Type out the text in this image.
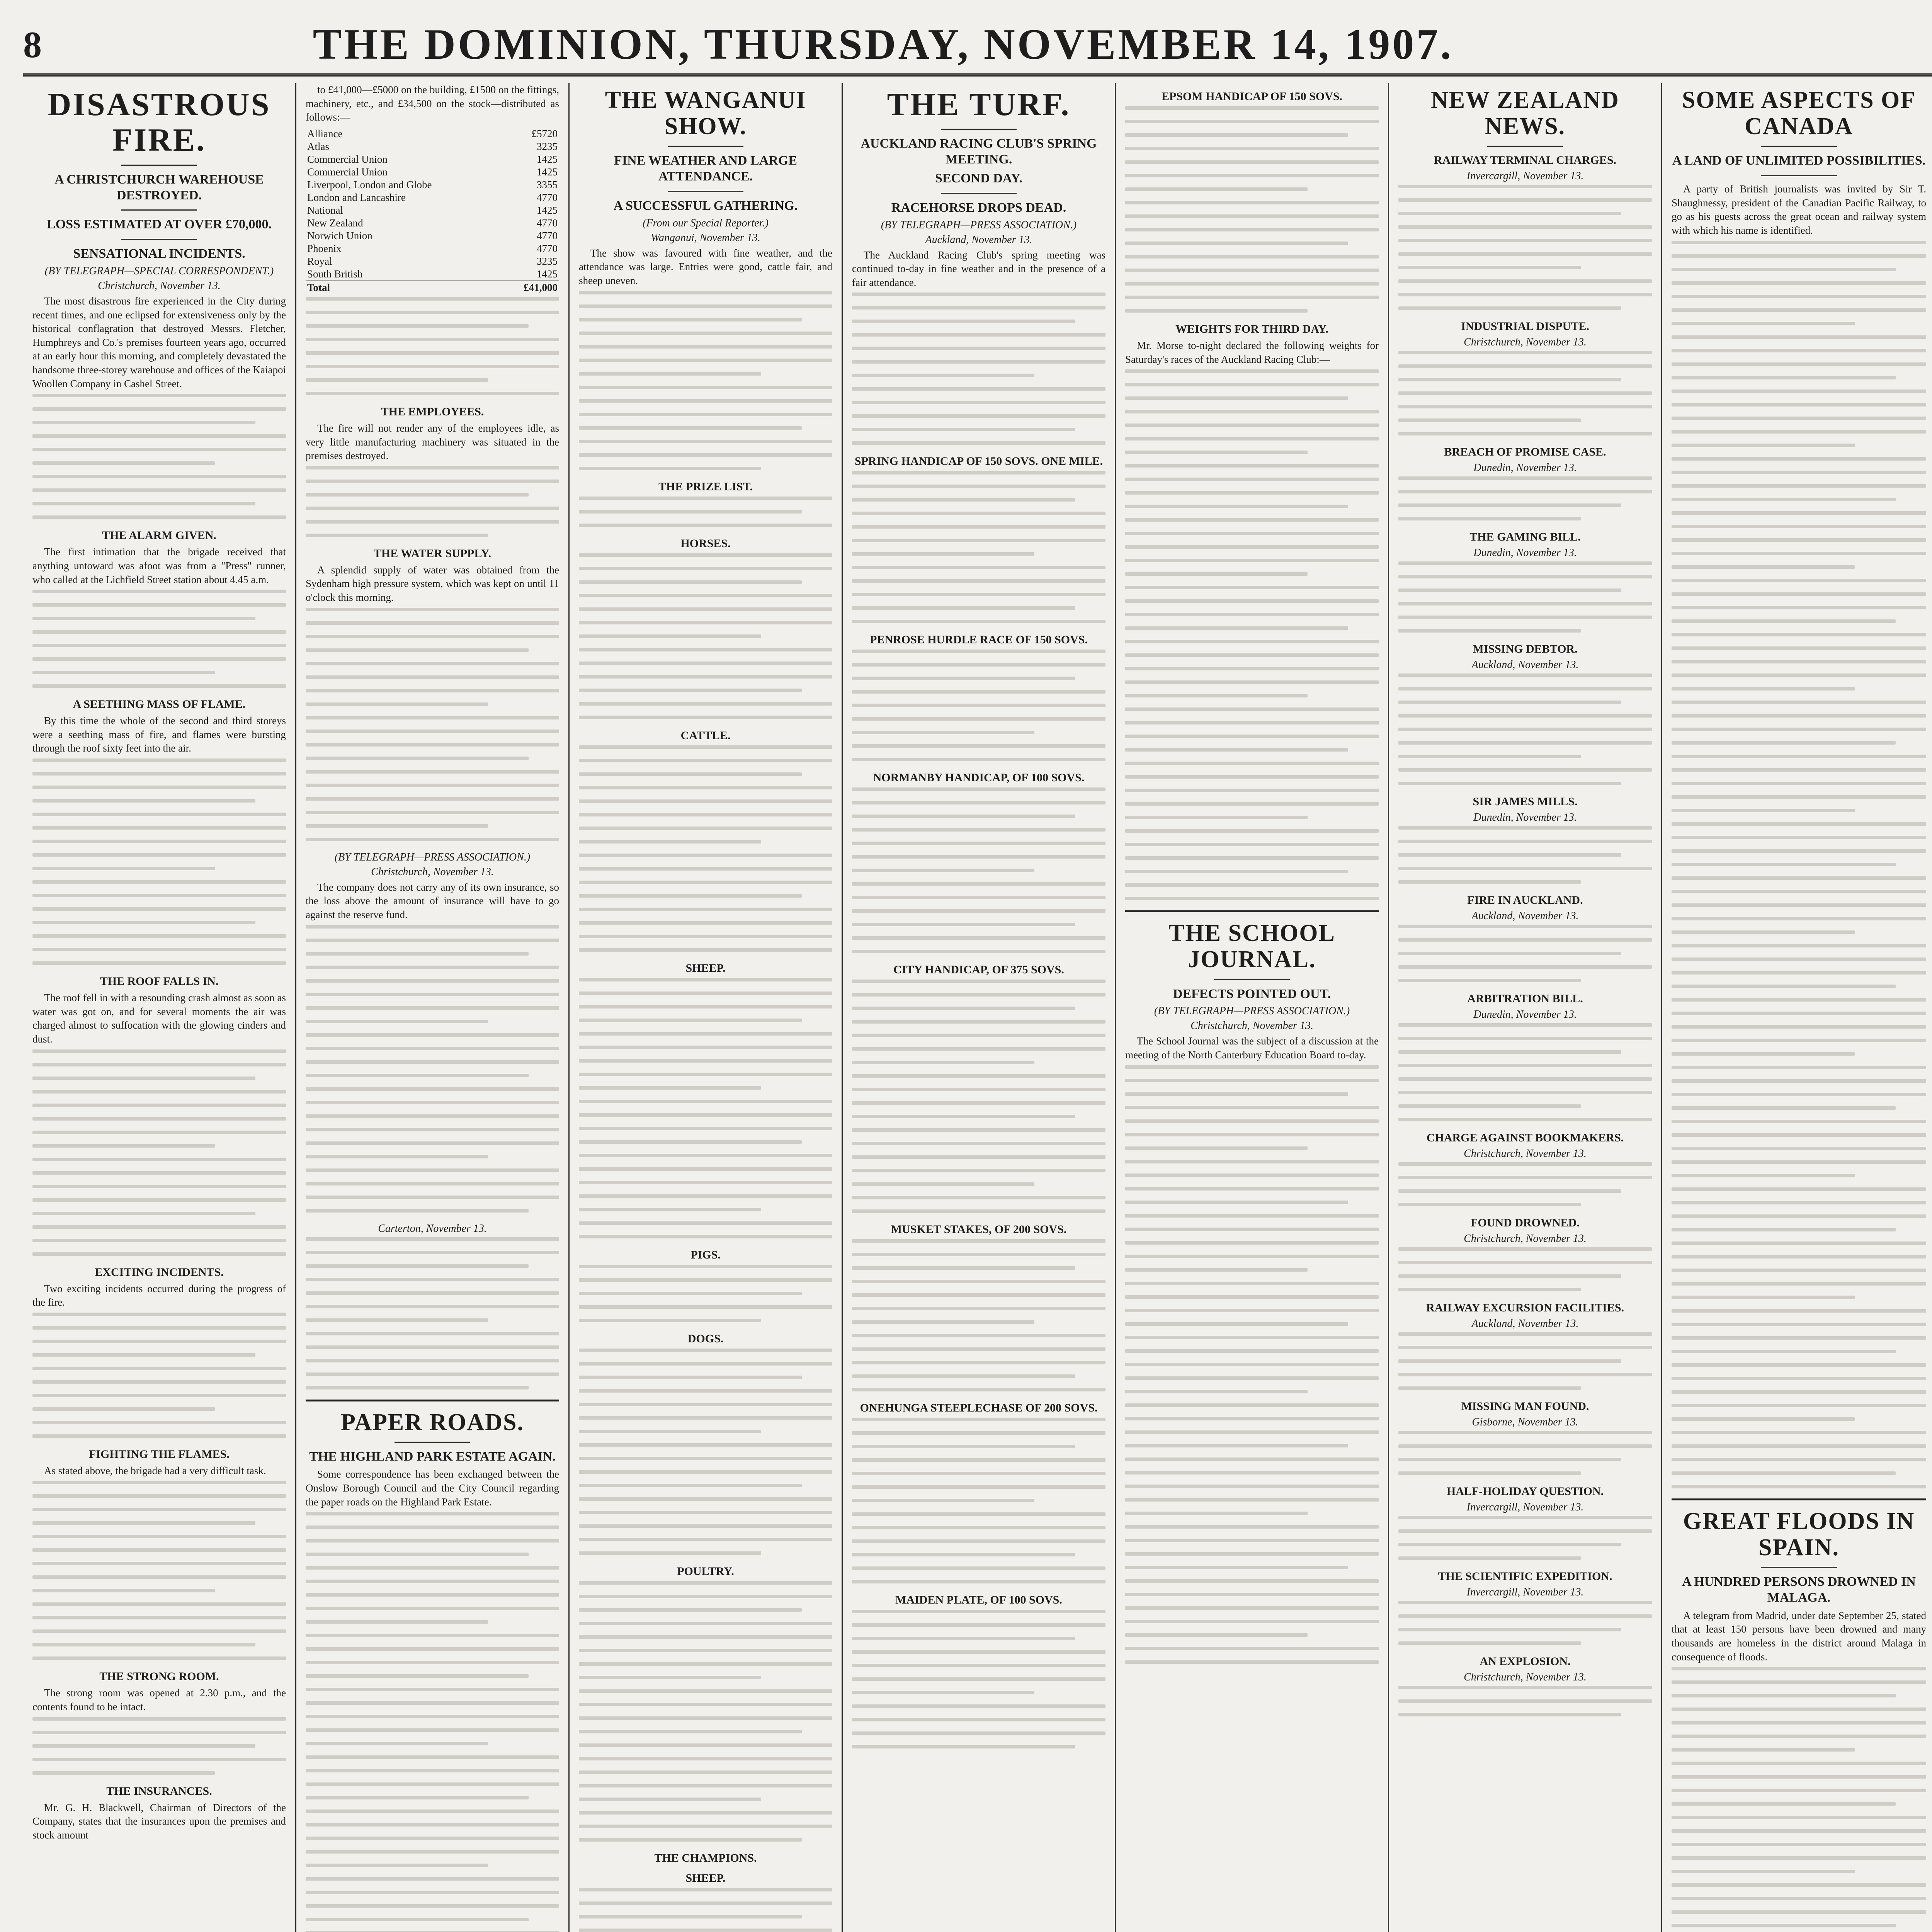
8	THE DOMINION, THURSDAY, NOVEMBER 14, 1907.
DISASTROUS FIRE.
A CHRISTCHURCH WAREHOUSE DESTROYED.
LOSS ESTIMATED AT OVER £70,000.
SENSATIONAL INCIDENTS.
(BY TELEGRAPH—SPECIAL CORRESPONDENT.)
Christchurch, November 13.

The most disastrous fire experienced in the City during recent times, and one eclipsed for extensiveness only by the historical conflagration that destroyed Messrs. Fletcher, Humphreys and Co.'s premises fourteen years ago, occurred at an early hour this morning, and completely devastated the handsome three-storey warehouse and offices of the Kaiapoi Woollen Company in Cashel Street.

THE ALARM GIVEN.

The first intimation that the brigade received that anything untoward was afoot was from a "Press" runner, who called at the Lichfield Street station about 4.45 a.m.

A SEETHING MASS OF FLAME.

By this time the whole of the second and third storeys were a seething mass of fire, and flames were bursting through the roof sixty feet into the air.

THE ROOF FALLS IN.

The roof fell in with a resounding crash almost as soon as water was got on, and for several moments the air was charged almost to suffocation with the glowing cinders and dust.

EXCITING INCIDENTS.

Two exciting incidents occurred during the progress of the fire.

FIGHTING THE FLAMES.

As stated above, the brigade had a very difficult task.

THE STRONG ROOM.

The strong room was opened at 2.30 p.m., and the contents found to be intact.

THE INSURANCES.

Mr. G. H. Blackwell, Chairman of Directors of the Company, states that the insurances upon the premises and stock amount

to £41,000—£5000 on the building, £1500 on the fittings, machinery, etc., and £34,500 on the stock—distributed as follows:—

Alliance	£5720
Atlas	3235
Commercial Union	1425
Commercial Union	1425
Liverpool, London and Globe	3355
London and Lancashire	4770
National	1425
New Zealand	4770
Norwich Union	4770
Phoenix	4770
Royal	3235
South British	1425
Total	£41,000
THE EMPLOYEES.

The fire will not render any of the employees idle, as very little manufacturing machinery was situated in the premises destroyed.

THE WATER SUPPLY.

A splendid supply of water was obtained from the Sydenham high pressure system, which was kept on until 11 o'clock this morning.

(BY TELEGRAPH—PRESS ASSOCIATION.)
Christchurch, November 13.

The company does not carry any of its own insurance, so the loss above the amount of insurance will have to go against the reserve fund.

Carterton, November 13.
PAPER ROADS.
THE HIGHLAND PARK ESTATE AGAIN.

Some correspondence has been exchanged between the Onslow Borough Council and the City Council regarding the paper roads on the Highland Park Estate.

THE WANGANUI SHOW.
FINE WEATHER AND LARGE ATTENDANCE.
A SUCCESSFUL GATHERING.
(From our Special Reporter.)
Wanganui, November 13.

The show was favoured with fine weather, and the attendance was large. Entries were good, cattle fair, and sheep uneven.

THE PRIZE LIST.
HORSES.
CATTLE.
SHEEP.
PIGS.
DOGS.
POULTRY.
THE CHAMPIONS.
SHEEP.
THE TURF.
AUCKLAND RACING CLUB'S SPRING MEETING.
SECOND DAY.
RACEHORSE DROPS DEAD.
(BY TELEGRAPH—PRESS ASSOCIATION.)
Auckland, November 13.

The Auckland Racing Club's spring meeting was continued to-day in fine weather and in the presence of a fair attendance.

SPRING HANDICAP OF 150 SOVS. ONE MILE.
PENROSE HURDLE RACE OF 150 SOVS.
NORMANBY HANDICAP, OF 100 SOVS.
CITY HANDICAP, OF 375 SOVS.
MUSKET STAKES, OF 200 SOVS.
ONEHUNGA STEEPLECHASE OF 200 SOVS.
MAIDEN PLATE, OF 100 SOVS.
EPSOM HANDICAP OF 150 SOVS.
WEIGHTS FOR THIRD DAY.

Mr. Morse to-night declared the following weights for Saturday's races of the Auckland Racing Club:—

THE SCHOOL JOURNAL.
DEFECTS POINTED OUT.
(BY TELEGRAPH—PRESS ASSOCIATION.)
Christchurch, November 13.

The School Journal was the subject of a discussion at the meeting of the North Canterbury Education Board to-day.

NEW ZEALAND NEWS.
RAILWAY TERMINAL CHARGES.
Invercargill, November 13.
INDUSTRIAL DISPUTE.
Christchurch, November 13.
BREACH OF PROMISE CASE.
Dunedin, November 13.
THE GAMING BILL.
Dunedin, November 13.
MISSING DEBTOR.
Auckland, November 13.
SIR JAMES MILLS.
Dunedin, November 13.
FIRE IN AUCKLAND.
Auckland, November 13.
ARBITRATION BILL.
Dunedin, November 13.
CHARGE AGAINST BOOKMAKERS.
Christchurch, November 13.
FOUND DROWNED.
Christchurch, November 13.
RAILWAY EXCURSION FACILITIES.
Auckland, November 13.
MISSING MAN FOUND.
Gisborne, November 13.
HALF-HOLIDAY QUESTION.
Invercargill, November 13.
THE SCIENTIFIC EXPEDITION.
Invercargill, November 13.
AN EXPLOSION.
Christchurch, November 13.
SOME ASPECTS OF CANADA
A LAND OF UNLIMITED POSSIBILITIES.

A party of British journalists was invited by Sir T. Shaughnessy, president of the Canadian Pacific Railway, to go as his guests across the great ocean and railway system with which his name is identified.

GREAT FLOODS IN SPAIN.
A HUNDRED PERSONS DROWNED IN MALAGA.

A telegram from Madrid, under date September 25, stated that at least 150 persons have been drowned and many thousands are homeless in the district around Malaga in consequence of floods.
